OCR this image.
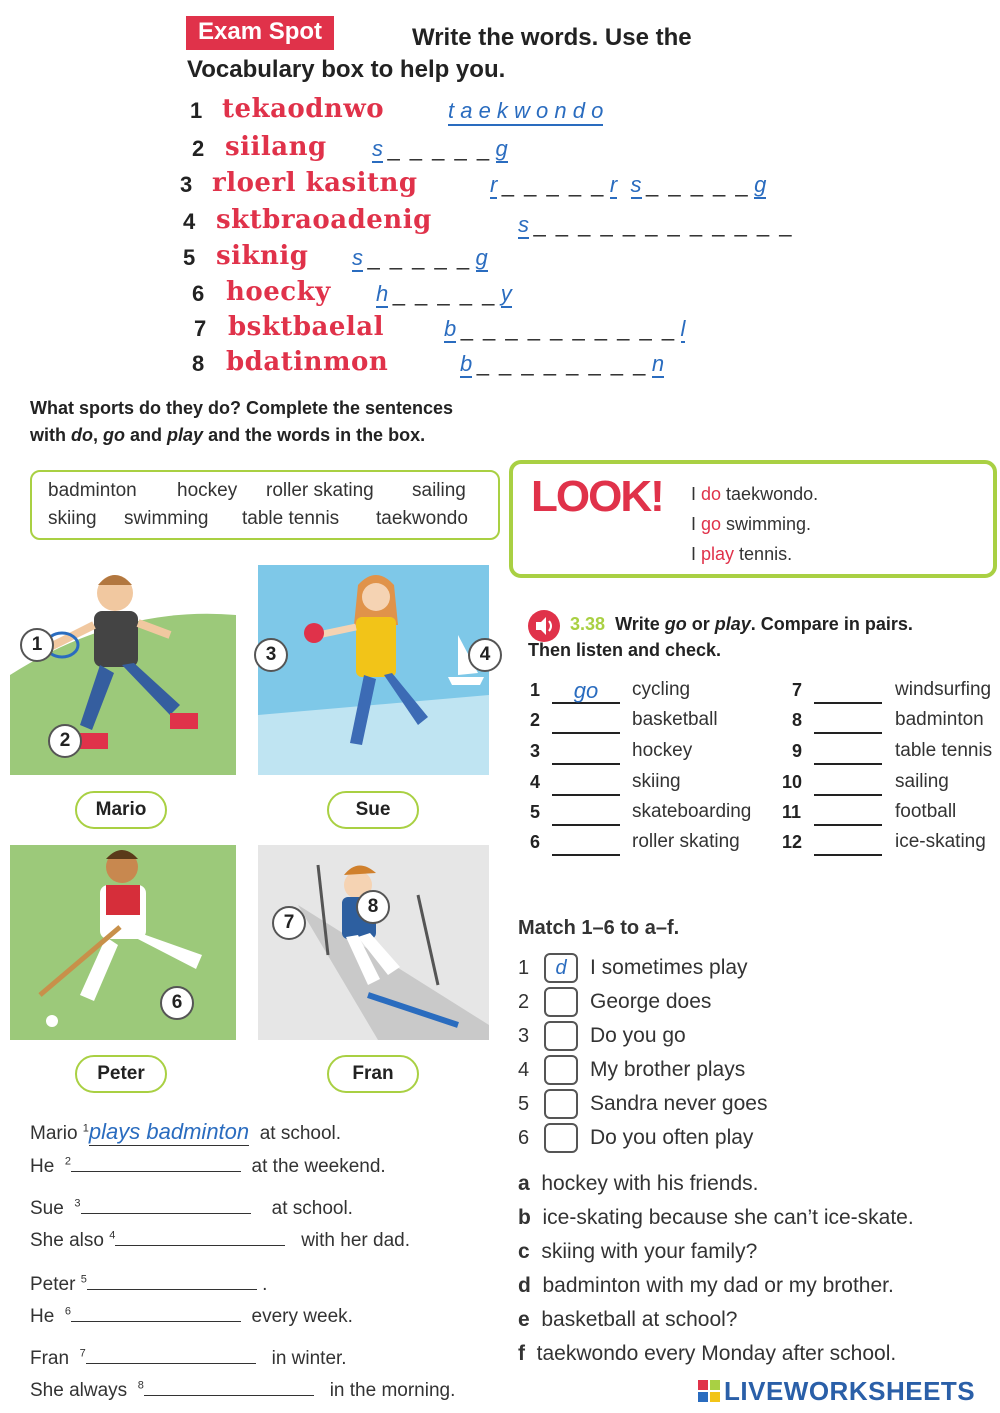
Exam Spot	Write the words. Use the
Vocabulary box to help you.
1 tekaodnwo	t a e k w o n d o
2 siilang s _ _ _ _ _ g
3 rloerl kasitng	r _ _ _ _ _ r s _ _ _ _ _ g
4 sktbraoadenig	s _ _ _ _ _ _ _ _ _ _ _ _
5 siknig s _ _ _ _ _ g
6 hoecky h _ _ _ _ _ y
7 bsktbaelal	b _ _ _ _ _ _ _ _ _ _ l
8 bdatinmon	b _ _ _ _ _ _ _ _ n
What sports do they do? Complete the sentences
with do, go and play and the words in the box.
badminton hockey roller skating sailing
skiing swimming table tennis taekwondo LOOK! I do taekwondo.
I go swimming.
I play tennis.
1
2
3	4
6
7
8
Mario	Sue
Peter	Fran
3.38 Write go or play. Compare in pairs.
Then listen and check.
1	go	cycling
2	basketball
3	hockey
4	skiing
5	skateboarding
6	roller skating
7	windsurfing
8	badminton
9	table tennis
10	sailing
11	football
12	ice-skating
Match 1–6 to a–f.
1	d	I sometimes play
2	George does
3	Do you go
4	My brother plays
5	Sandra never goes
6	Do you often play
a hockey with his friends.
b ice-skating because she can’t ice-skate.
c skiing with your family?
d badminton with my dad or my brother.
e basketball at school?
f taekwondo every Monday after school.
Mario $^1$plays badminton at school.
He $^2$	at the weekend.
Sue $^3$	at school.
She also $^4$	with her dad.
Peter $^5$	.
He $^6$	every week.
Fran $^7$	in winter.
She always $^8$	in the morning.	LIVEWORKSHEETS
